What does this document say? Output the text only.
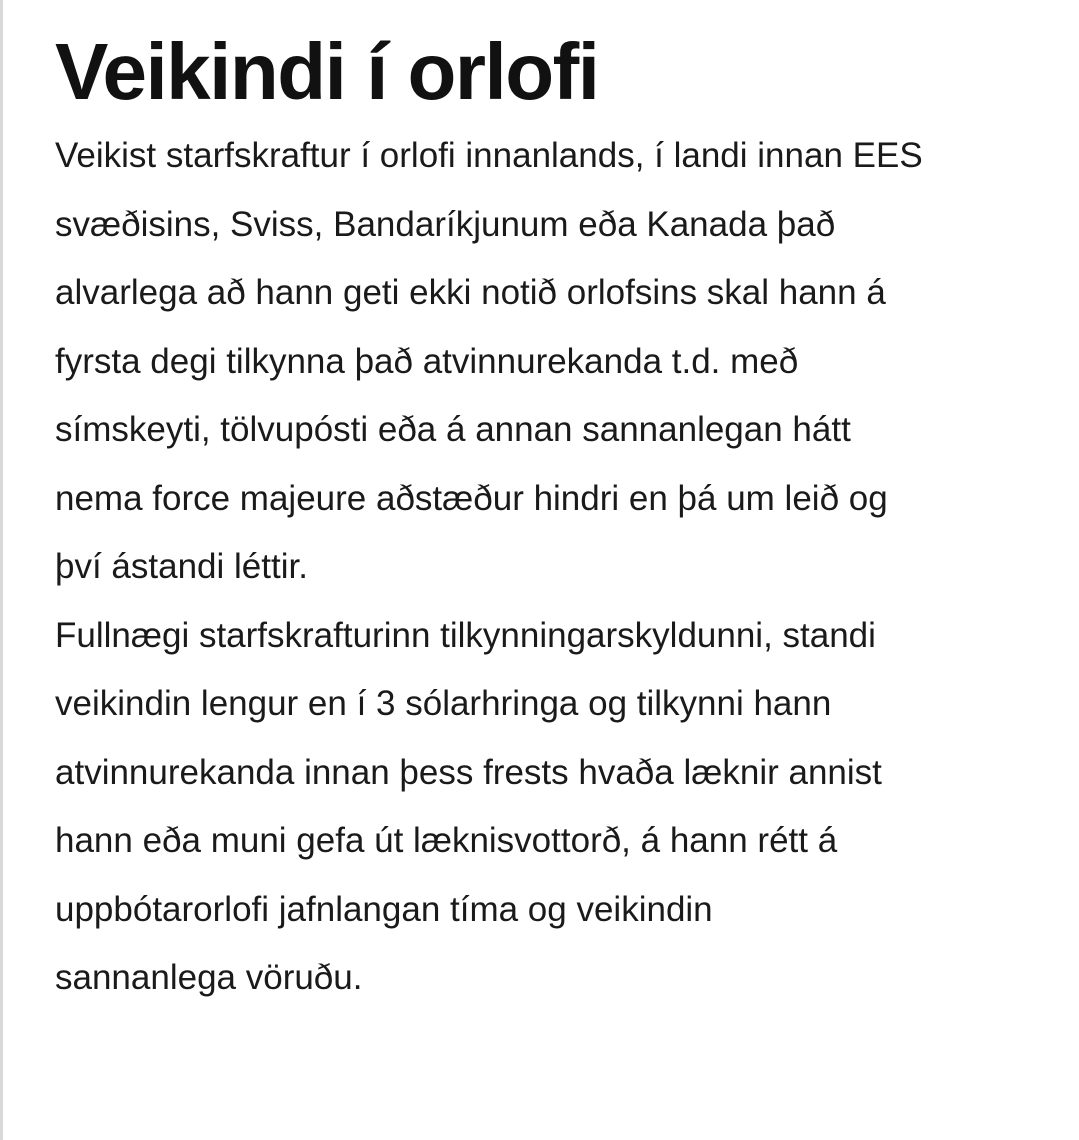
Veikindi í orlofi

Veikist starfskraftur í orlofi innanlands, í landi innan EES
svæðisins, Sviss, Bandaríkjunum eða Kanada það
alvarlega að hann geti ekki notið orlofsins skal hann á
fyrsta degi tilkynna það atvinnurekanda t.d. með
símskeyti, tölvupósti eða á annan sannanlegan hátt
nema force majeure aðstæður hindri en þá um leið og
því ástandi léttir.

Fullnægi starfskrafturinn tilkynningarskyldunni, standi
veikindin lengur en í 3 sólarhringa og tilkynni hann
atvinnurekanda innan þess frests hvaða læknir annist
hann eða muni gefa út læknisvottorð, á hann rétt á
uppbótarorlofi jafnlangan tíma og veikindin
sannanlega vöruðu.
